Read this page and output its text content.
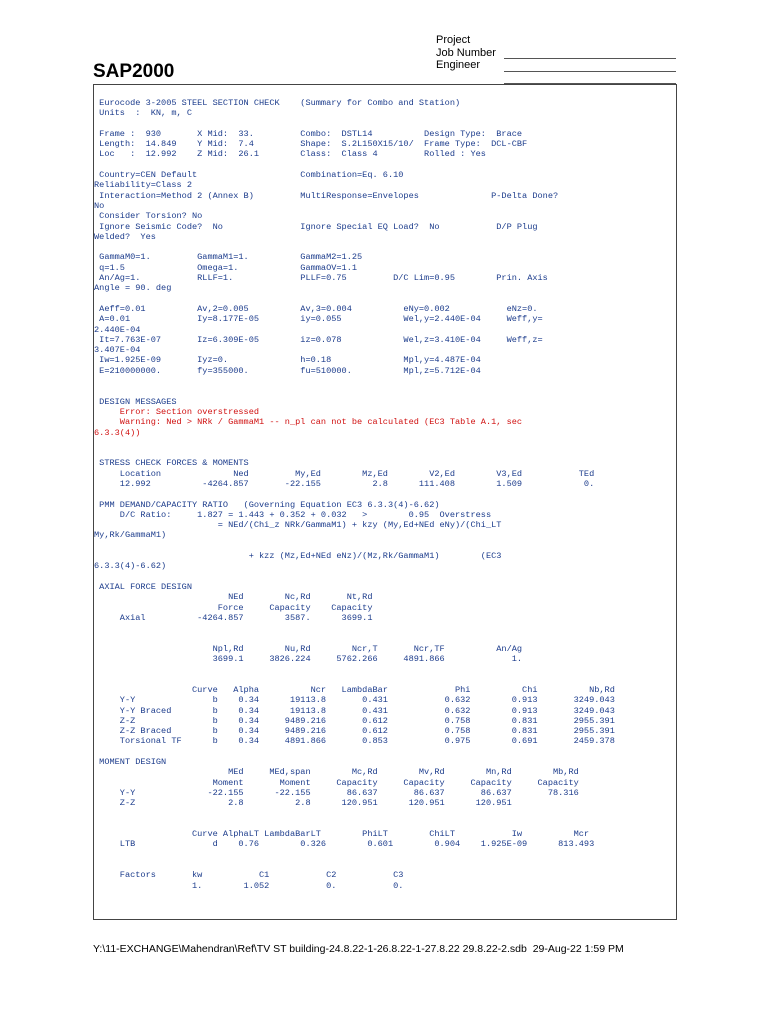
Project
Job Number
Engineer
SAP2000
Eurocode 3-2005 STEEL SECTION CHECK    (Summary for Combo and Station)
Units  :  KN, m, C

Frame :  930       X Mid:  33.         Combo:  DSTL14          Design Type:  Brace
Length:  14.849    Y Mid:  7.4         Shape:  S.2L150X15/10/  Frame Type:  DCL-CBF
Loc   :  12.992    Z Mid:  26.1        Class:  Class 4         Rolled : Yes

Country=CEN Default                    Combination=Eq. 6.10
Reliability=Class 2
Interaction=Method 2 (Annex B)         MultiResponse=Envelopes              P-Delta Done?
No
Consider Torsion? No
Ignore Seismic Code?  No               Ignore Special EQ Load?  No           D/P Plug
Welded?  Yes

GammaM0=1.         GammaM1=1.          GammaM2=1.25
q=1.5              Omega=1.            GammaOV=1.1
An/Ag=1.           RLLF=1.             PLLF=0.75         D/C Lim=0.95        Prin. Axis
Angle = 90. deg

Aeff=0.01          Av,2=0.005          Av,3=0.004          eNy=0.002           eNz=0.
A=0.01             Iy=8.177E-05        iy=0.055            Wel,y=2.440E-04     Weff,y=
2.440E-04
It=7.763E-07       Iz=6.309E-05        iz=0.078            Wel,z=3.410E-04     Weff,z=
3.407E-04
Iw=1.925E-09       Iyz=0.              h=0.18              Mpl,y=4.487E-04
E=210000000.       fy=355000.          fu=510000.          Mpl,z=5.712E-04

DESIGN MESSAGES
Error: Section overstressed
Warning: Ned > NRk / GammaM1 -- n_pl can not be calculated (EC3 Table A.1, sec
6.3.3(4))

STRESS CHECK FORCES & MOMENTS
Location              Ned         My,Ed        Mz,Ed        V2,Ed        V3,Ed           TEd
12.992          -4264.857       -22.155          2.8      111.408        1.509            0.

PMM DEMAND/CAPACITY RATIO   (Governing Equation EC3 6.3.3(4)-6.62)
D/C Ratio:     1.827 = 1.443 + 0.352 + 0.032   >        0.95  Overstress
= NEd/(Chi_z NRk/GammaM1) + kzy (My,Ed+NEd eNy)/(Chi_LT
My,Rk/GammaM1)

+ kzz (Mz,Ed+NEd eNz)/(Mz,Rk/GammaM1)        (EC3
6.3.3(4)-6.62)

AXIAL FORCE DESIGN
NEd        Nc,Rd       Nt,Rd
Force     Capacity    Capacity
Axial          -4264.857        3587.      3699.1

Npl,Rd        Nu,Rd        Ncr,T       Ncr,TF          An/Ag
3699.1     3826.224     5762.266     4891.866             1.

Curve   Alpha          Ncr   LambdaBar             Phi          Chi          Nb,Rd
Y-Y               b    0.34      19113.8       0.431           0.632        0.913       3249.043
Y-Y Braced        b    0.34      19113.8       0.431           0.632        0.913       3249.043
Z-Z               b    0.34     9489.216       0.612           0.758        0.831       2955.391
Z-Z Braced        b    0.34     9489.216       0.612           0.758        0.831       2955.391
Torsional TF      b    0.34     4891.866       0.853           0.975        0.691       2459.378

MOMENT DESIGN
MEd     MEd,span        Mc,Rd        Mv,Rd        Mn,Rd        Mb,Rd
Moment       Moment     Capacity     Capacity     Capacity     Capacity
Y-Y              -22.155      -22.155       86.637       86.637       86.637       78.316
Z-Z                  2.8          2.8      120.951      120.951      120.951

Curve AlphaLT LambdaBarLT        PhiLT        ChiLT           Iw          Mcr
LTB               d    0.76        0.326        0.601        0.904    1.925E-09      813.493

Factors       kw           C1           C2           C3
1.        1.052           0.           0.
Y:\11-EXCHANGE\Mahendran\Ref\TV ST building-24.8.22-1-26.8.22-1-27.8.22 29.8.22-2.sdb  29-Aug-22 1:59 PM
